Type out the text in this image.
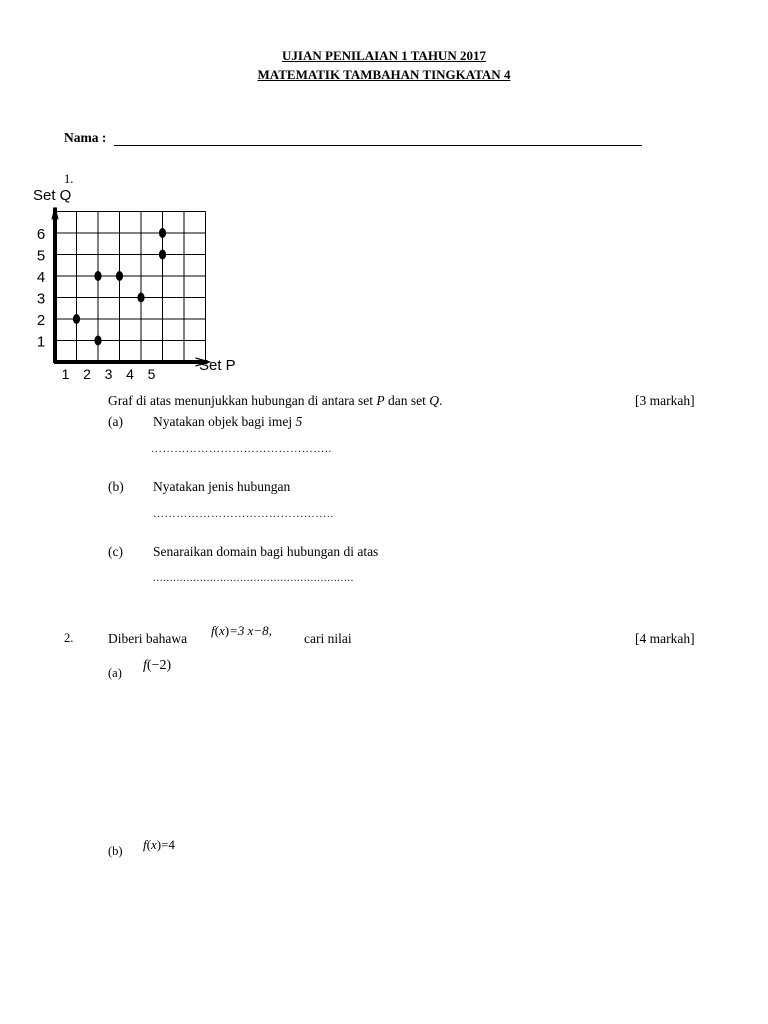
UJIAN PENILAIAN 1 TAHUN 2017
MATEMATIK TAMBAHAN TINGKATAN 4
Nama :
1.
Set Q
Set P
1 2 3 4 5
1
2
3
4
5
6
Graf di atas menunjukkan hubungan di antara set P dan set Q.	[3 markah]
(a) Nyatakan objek bagi imej 5
………………………………………..
(b) Nyatakan jenis hubungan
………………………………………..
(c) Senaraikan domain bagi hubungan di atas
............................................................
2.	Diberi bahawa
f(x)=3 x−8,
cari nilai	[4 markah]
(a) f(−2)
(b) f(x)=4
